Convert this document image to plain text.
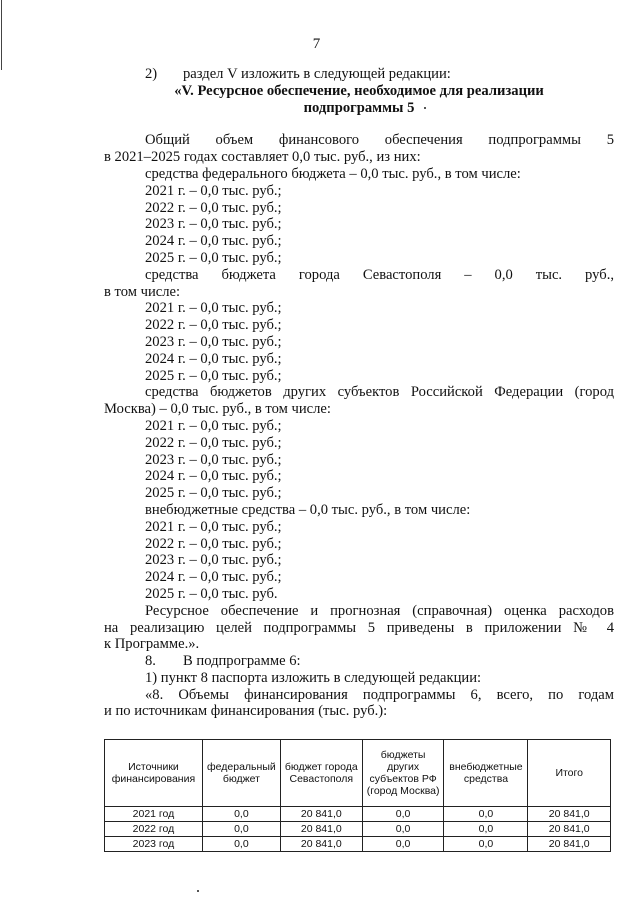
7

2) раздел V изложить в следующей редакции:

«V. Ресурсное обеспечение, необходимое для реализации

подпрограммы 5

Общий объем финансового обеспечения подпрограммы 5

в 2021–2025 годах составляет 0,0 тыс. руб., из них:

средства федерального бюджета – 0,0 тыс. руб., в том числе:

2021 г. – 0,0 тыс. руб.;

2022 г. – 0,0 тыс. руб.;

2023 г. – 0,0 тыс. руб.;

2024 г. – 0,0 тыс. руб.;

2025 г. – 0,0 тыс. руб.;

средства бюджета города Севастополя – 0,0 тыс. руб.,

в том числе:

2021 г. – 0,0 тыс. руб.;

2022 г. – 0,0 тыс. руб.;

2023 г. – 0,0 тыс. руб.;

2024 г. – 0,0 тыс. руб.;

2025 г. – 0,0 тыс. руб.;

средства бюджетов других субъектов Российской Федерации (город

Москва) – 0,0 тыс. руб., в том числе:

2021 г. – 0,0 тыс. руб.;

2022 г. – 0,0 тыс. руб.;

2023 г. – 0,0 тыс. руб.;

2024 г. – 0,0 тыс. руб.;

2025 г. – 0,0 тыс. руб.;

внебюджетные средства – 0,0 тыс. руб., в том числе:

2021 г. – 0,0 тыс. руб.;

2022 г. – 0,0 тыс. руб.;

2023 г. – 0,0 тыс. руб.;

2024 г. – 0,0 тыс. руб.;

2025 г. – 0,0 тыс. руб.

Ресурсное обеспечение и прогнозная (справочная) оценка расходов

на реализацию целей подпрограммы 5 приведены в приложении № 4

к Программе.».

8. В подпрограмме 6:

1) пункт 8 паспорта изложить в следующей редакции:

«8. Объемы финансирования подпрограммы 6, всего, по годам

и по источникам финансирования (тыс. руб.):

Источники финансирования	федеральный бюджет	бюджет города Севастополя	бюджеты других субъектов РФ (город Москва)	внебюджетные средства	Итого
2021 год	0,0	20 841,0	0,0	0,0	20 841,0
2022 год	0,0	20 841,0	0,0	0,0	20 841,0
2023 год	0,0	20 841,0	0,0	0,0	20 841,0
